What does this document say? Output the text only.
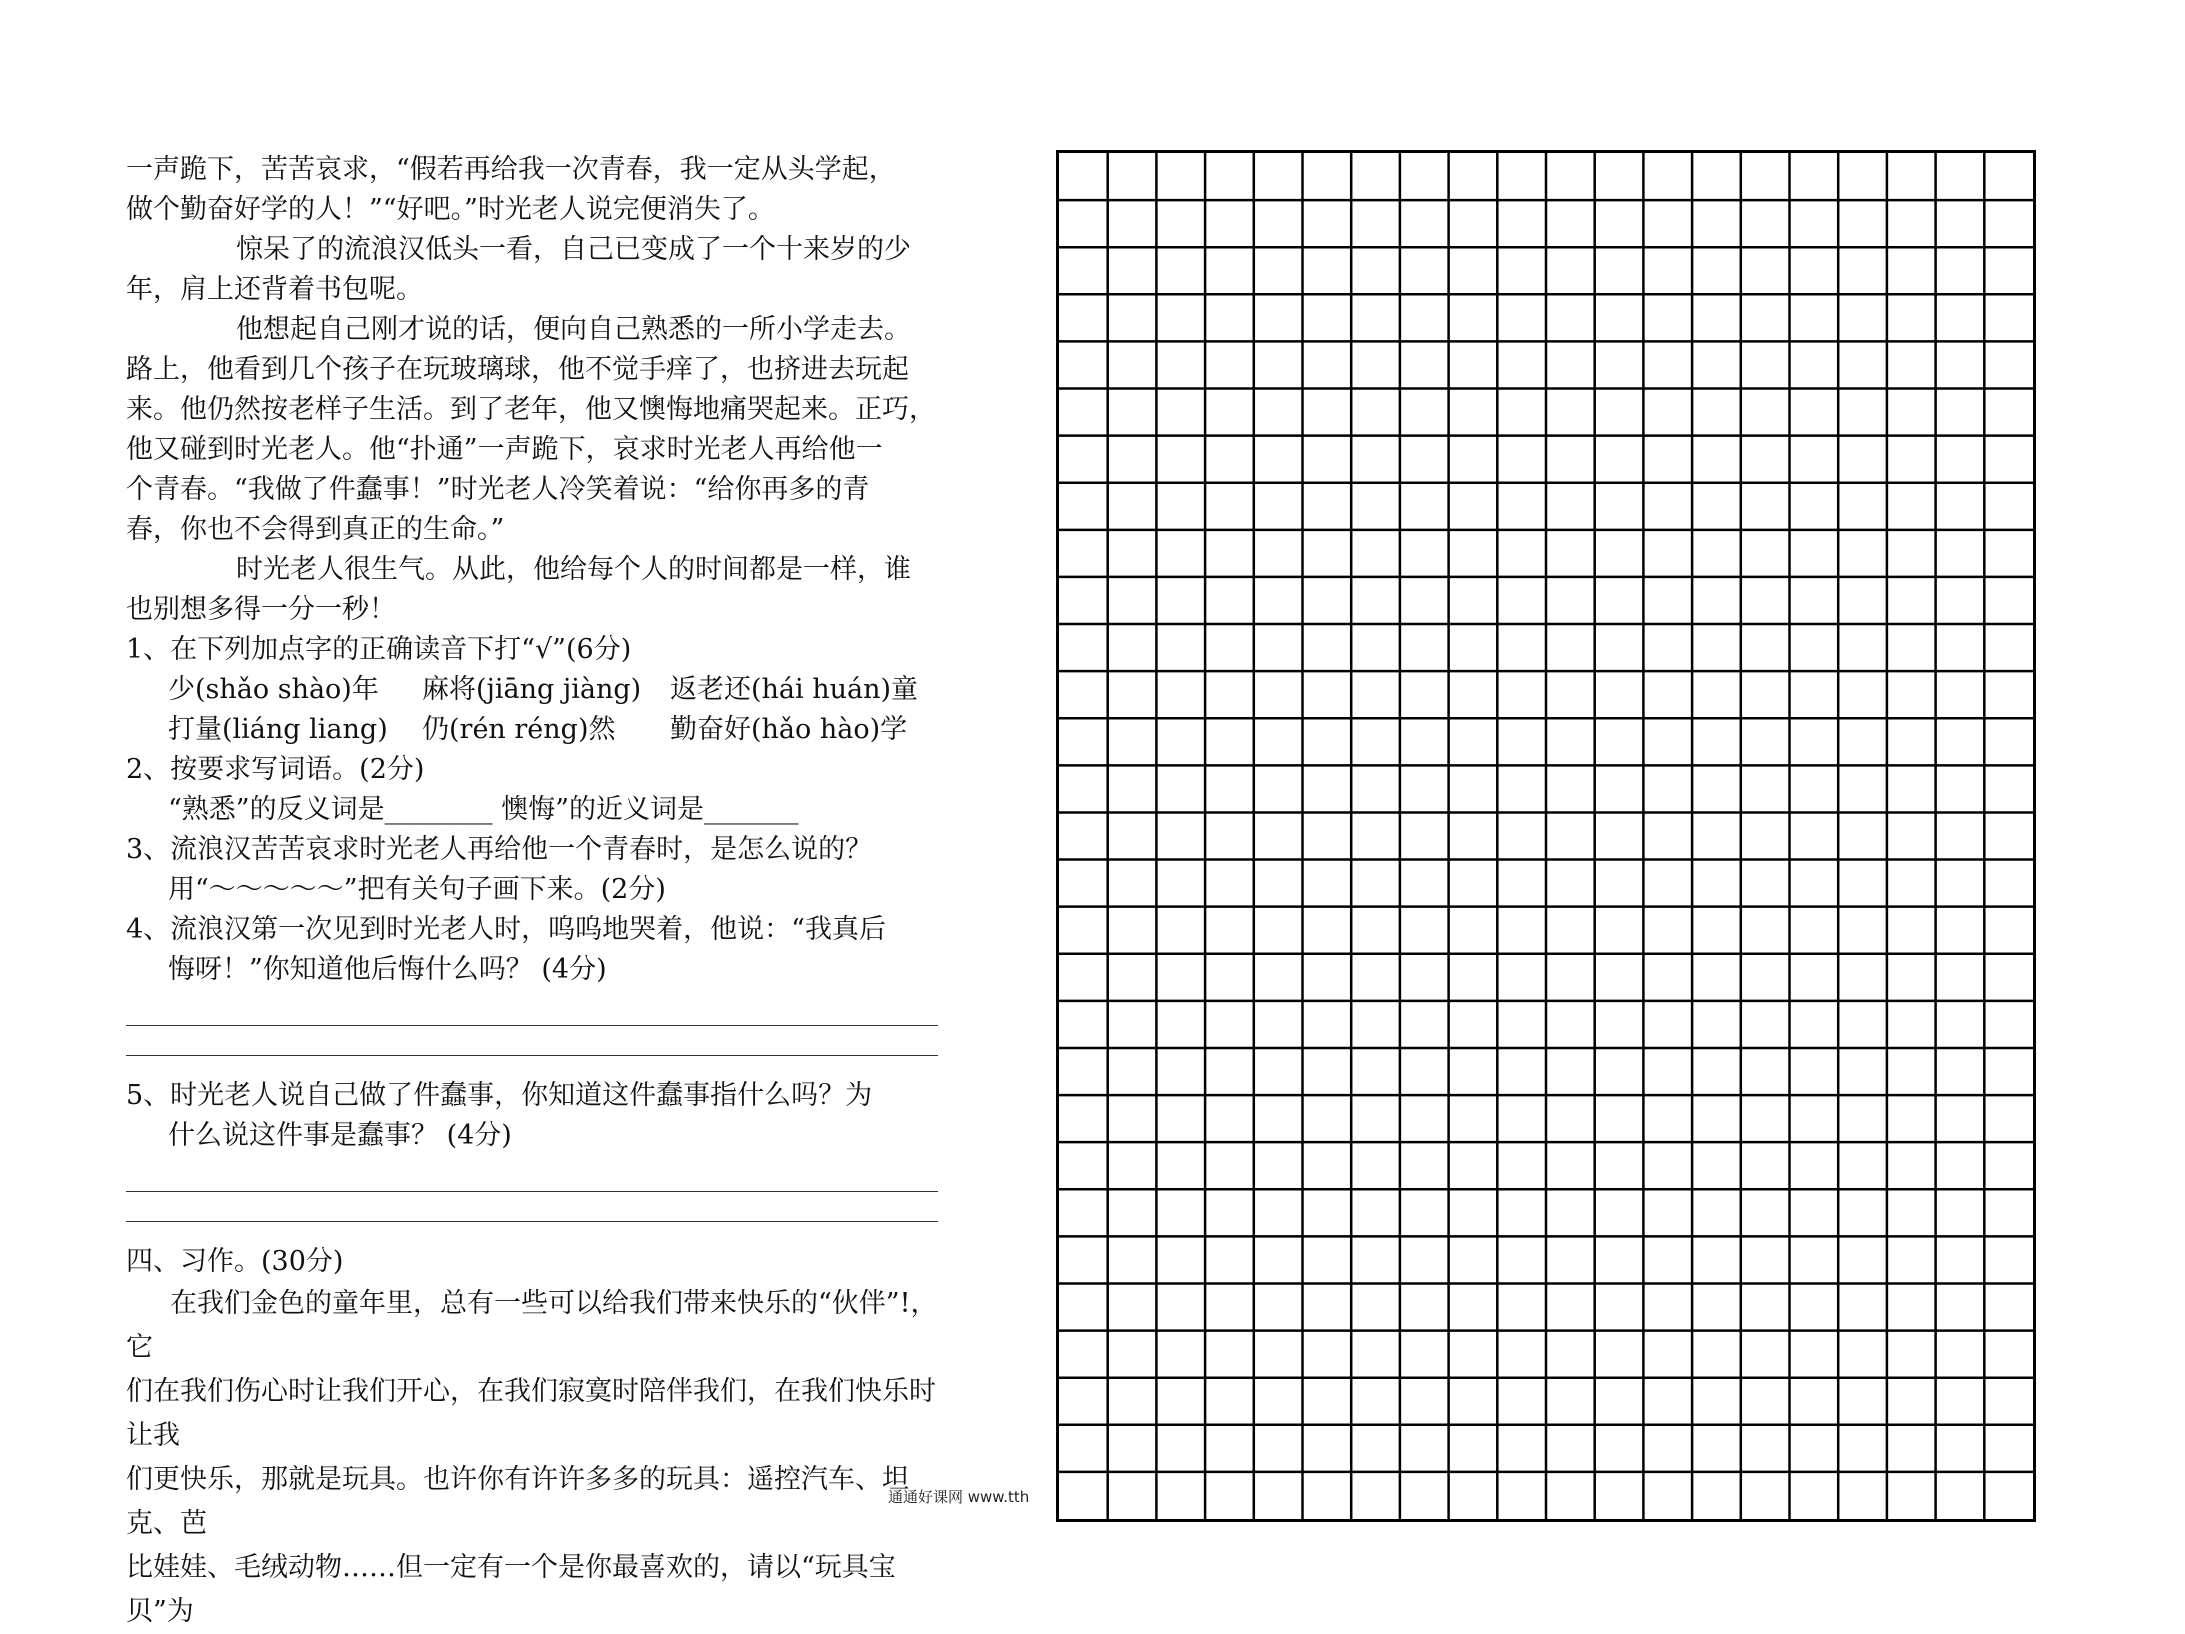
一声跪下，苦苦哀求，“假若再给我一次青春，我一定从头学起，

做个勤奋好学的人！”“好吧。”时光老人说完便消失了。

惊呆了的流浪汉低头一看，自己已变成了一个十来岁的少

年，肩上还背着书包呢。

他想起自己刚才说的话，便向自己熟悉的一所小学走去。

路上，他看到几个孩子在玩玻璃球，他不觉手痒了，也挤进去玩起

来。他仍然按老样子生活。到了老年，他又懊悔地痛哭起来。正巧，

他又碰到时光老人。他“扑通”一声跪下，哀求时光老人再给他一

个青春。“我做了件蠢事！”时光老人冷笑着说：“给你再多的青

春，你也不会得到真正的生命。”

时光老人很生气。从此，他给每个人的时间都是一样，谁

也别想多得一分一秒！

1、在下列加点字的正确读音下打“√”(6分)

少(shǎo shào)年	麻将(jiāng jiàng)	返老还(hái huán)童
打量(liáng liang)	仍(rén réng)然	勤奋好(hǎo hào)学

2、按要求写词语。(2分)

“熟悉”的反义词是________ 懊悔”的近义词是_______

3、流浪汉苦苦哀求时光老人再给他一个青春时，是怎么说的？

用“～～～～～”把有关句子画下来。(2分)

4、流浪汉第一次见到时光老人时，呜呜地哭着，他说：“我真后

悔呀！”你知道他后悔什么吗？ (4分)

5、时光老人说自己做了件蠢事，你知道这件蠢事指什么吗？为

什么说这件事是蠢事？ (4分)

四、习作。(30分)

在我们金色的童年里，总有一些可以给我们带来快乐的“伙伴”!，它

们在我们伤心时让我们开心，在我们寂寞时陪伴我们，在我们快乐时让我

们更快乐，那就是玩具。也许你有许许多多的玩具：遥控汽车、坦克、芭

比娃娃、毛绒动物……但一定有一个是你最喜欢的，请以“玩具宝贝”为

通通好课网 www.tth
